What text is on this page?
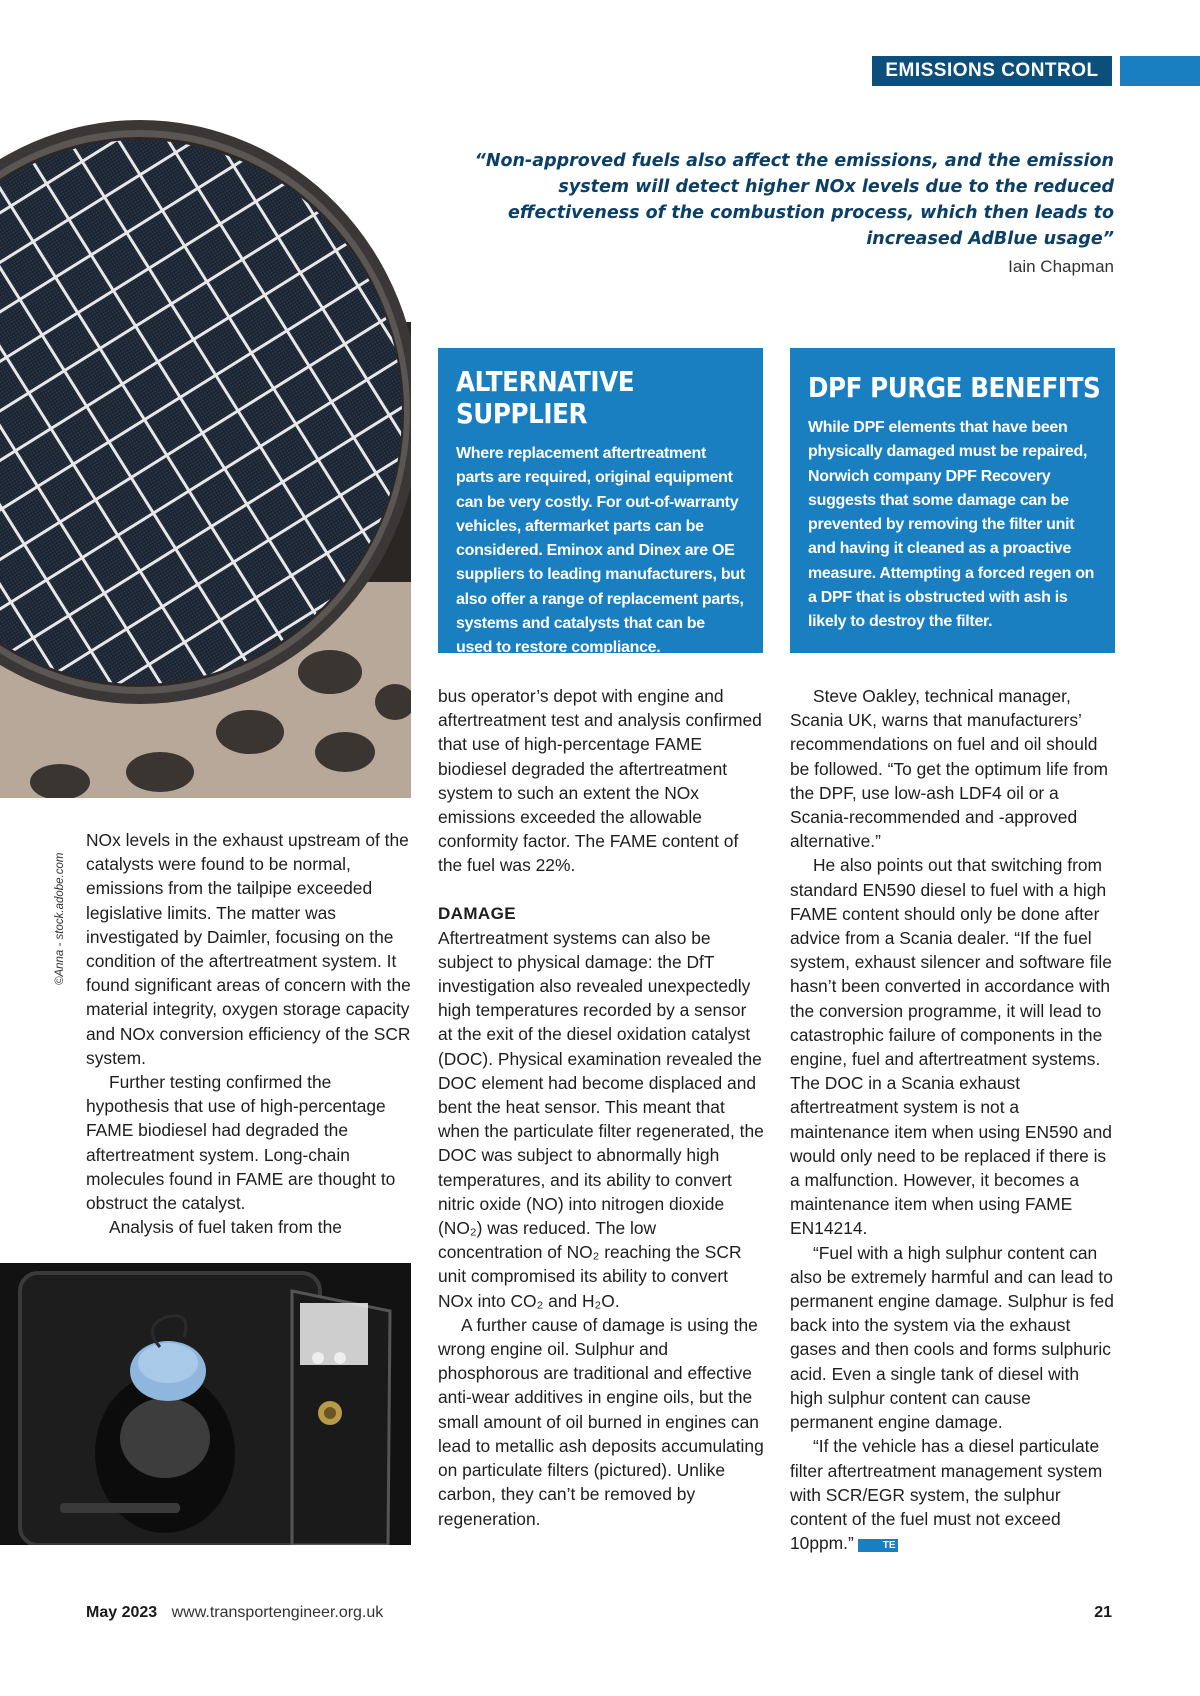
EMISSIONS CONTROL
©Anna - stock.adobe.com
“Non-approved fuels also affect the emissions, and the emission system will detect higher NOx levels due to the reduced effectiveness of the combustion process, which then leads to increased AdBlue usage”
Iain Chapman
ALTERNATIVE
SUPPLIER
Where replacement aftertreatment parts are required, original equipment can be very costly. For out-of-warranty vehicles, aftermarket parts can be considered. Eminox and Dinex are OE suppliers to leading manufacturers, but also offer a range of replacement parts, systems and catalysts that can be used to restore compliance.
DPF PURGE BENEFITS
While DPF elements that have been physically damaged must be repaired, Norwich company DPF Recovery suggests that some damage can be prevented by removing the filter unit and having it cleaned as a proactive measure. Attempting a forced regen on a DPF that is obstructed with ash is likely to destroy the filter.

NOx levels in the exhaust upstream of the catalysts were found to be normal, emissions from the tailpipe exceeded legislative limits. The matter was investigated by Daimler, focusing on the condition of the aftertreatment system. It found significant areas of concern with the material integrity, oxygen storage capacity and NOx conversion efficiency of the SCR system.

Further testing confirmed the hypothesis that use of high-percentage FAME biodiesel had degraded the aftertreatment system. Long-chain molecules found in FAME are thought to obstruct the catalyst.

Analysis of fuel taken from the

bus operator’s depot with engine and aftertreatment test and analysis confirmed that use of high-percentage FAME biodiesel degraded the aftertreatment system to such an extent the NOx emissions exceeded the allowable conformity factor. The FAME content of the fuel was 22%.

DAMAGE

Aftertreatment systems can also be subject to physical damage: the DfT investigation also revealed unexpectedly high temperatures recorded by a sensor at the exit of the diesel oxidation catalyst (DOC). Physical examination revealed the DOC element had become displaced and bent the heat sensor. This meant that when the particulate filter regenerated, the DOC was subject to abnormally high temperatures, and its ability to convert nitric oxide (NO) into nitrogen dioxide (NO₂) was reduced. The low concentration of NO₂ reaching the SCR unit compromised its ability to convert NOx into CO₂ and H₂O.

A further cause of damage is using the wrong engine oil. Sulphur and phosphorous are traditional and effective anti-wear additives in engine oils, but the small amount of oil burned in engines can lead to metallic ash deposits accumulating on particulate filters (pictured). Unlike carbon, they can’t be removed by regeneration.

Steve Oakley, technical manager, Scania UK, warns that manufacturers’ recommendations on fuel and oil should be followed. “To get the optimum life from the DPF, use low-ash LDF4 oil or a Scania-recommended and -approved alternative.”

He also points out that switching from standard EN590 diesel to fuel with a high FAME content should only be done after advice from a Scania dealer. “If the fuel system, exhaust silencer and software file hasn’t been converted in accordance with the conversion programme, it will lead to catastrophic failure of components in the engine, fuel and aftertreatment systems. The DOC in a Scania exhaust aftertreatment system is not a maintenance item when using EN590 and would only need to be replaced if there is a malfunction. However, it becomes a maintenance item when using FAME EN14214.

“Fuel with a high sulphur content can also be extremely harmful and can lead to permanent engine damage. Sulphur is fed back into the system via the exhaust gases and then cools and forms sulphuric acid. Even a single tank of diesel with high sulphur content can cause permanent engine damage.

“If the vehicle has a diesel particulate filter aftertreatment management system with SCR/EGR system, the sulphur content of the fuel must not exceed 10ppm.”	TE

May 2023 www.transportengineer.org.uk	21
